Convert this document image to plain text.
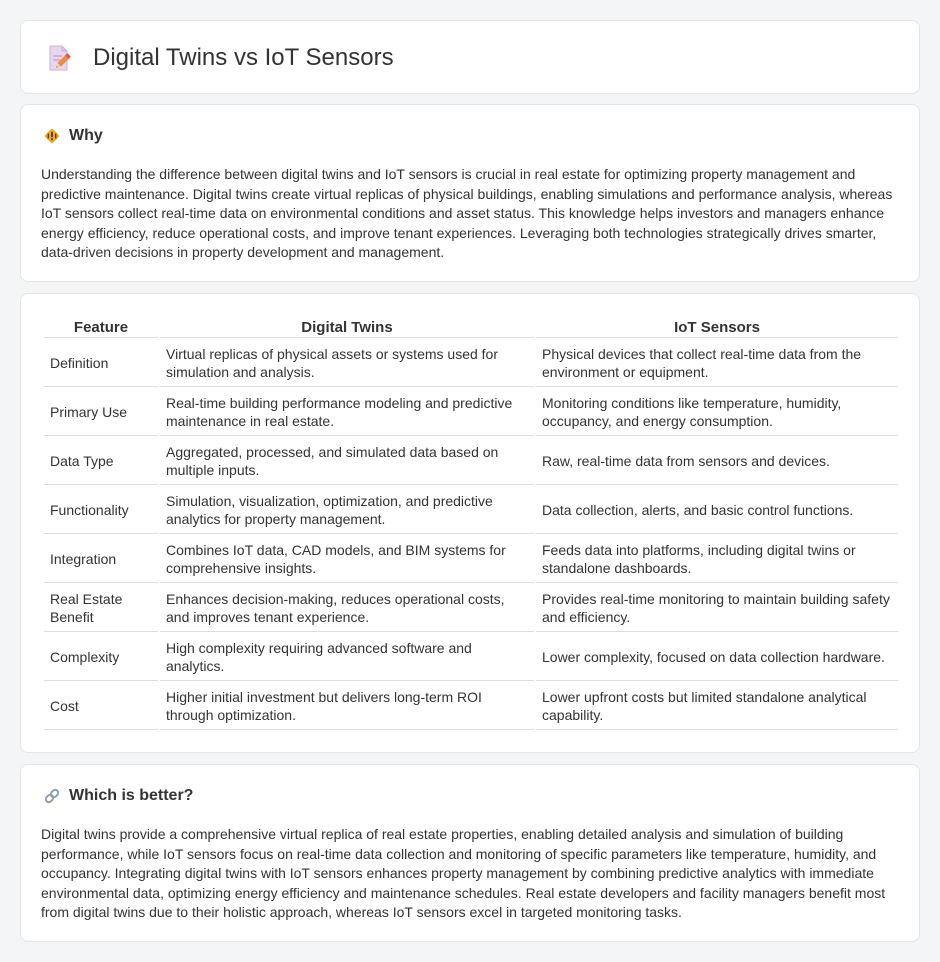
Digital Twins vs IoT Sensors
Why

Understanding the difference between digital twins and IoT sensors is crucial in real estate for optimizing property management and predictive maintenance. Digital twins create virtual replicas of physical buildings, enabling simulations and performance analysis, whereas IoT sensors collect real-time data on environmental conditions and asset status. This knowledge helps investors and managers enhance energy efficiency, reduce operational costs, and improve tenant experiences. Leveraging both technologies strategically drives smarter, data-driven decisions in property development and management.

Feature	Digital Twins	IoT Sensors
Definition	Virtual replicas of physical assets or systems used for simulation and analysis.	Physical devices that collect real-time data from the environment or equipment.
Primary Use	Real-time building performance modeling and predictive maintenance in real estate.	Monitoring conditions like temperature, humidity, occupancy, and energy consumption.
Data Type	Aggregated, processed, and simulated data based on multiple inputs.	Raw, real-time data from sensors and devices.
Functionality	Simulation, visualization, optimization, and predictive analytics for property management.	Data collection, alerts, and basic control functions.
Integration	Combines IoT data, CAD models, and BIM systems for comprehensive insights.	Feeds data into platforms, including digital twins or standalone dashboards.
Real Estate Benefit	Enhances decision-making, reduces operational costs, and improves tenant experience.	Provides real-time monitoring to maintain building safety and efficiency.
Complexity	High complexity requiring advanced software and analytics.	Lower complexity, focused on data collection hardware.
Cost	Higher initial investment but delivers long-term ROI through optimization.	Lower upfront costs but limited standalone analytical capability.
Which is better?

Digital twins provide a comprehensive virtual replica of real estate properties, enabling detailed analysis and simulation of building performance, while IoT sensors focus on real-time data collection and monitoring of specific parameters like temperature, humidity, and occupancy. Integrating digital twins with IoT sensors enhances property management by combining predictive analytics with immediate environmental data, optimizing energy efficiency and maintenance schedules. Real estate developers and facility managers benefit most from digital twins due to their holistic approach, whereas IoT sensors excel in targeted monitoring tasks.
